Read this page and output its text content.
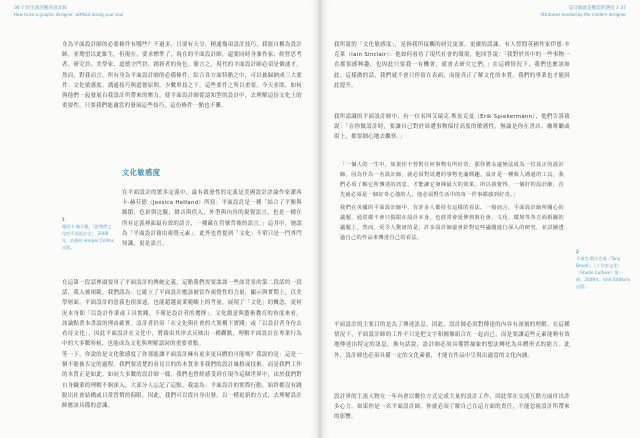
36 / 陌生就該應該設計師
How to be a graphic designer, without losing your soul

身為平面設計師的必要條件有哪些？不過多，只要有天分，精通幾項設計技巧，我能自稱為設計師，並期望以此維生。但現在，要求標準了，現在的平面設計師，還要同時身兼作家、經營思考者、研究員、美學家、道德守門員、創新者的角色。簡言之，現代的平面設計師必須是個通才，然而，對我而言，所有身為平面設計師的必備條件，綜合各方面特點之中，可以被歸納成三大要件：文化敏感度、溝通技巧與道德原則。少數單技之下，這些要件之所以重要，今天並即，如何與他們一起發展自我設計所帶來的壓力，使平面設計師從認知型的設計中，去理解這份文化上的重要性，只要我們能適當的發展這些技巧，這份條件一點也不難。

文化敏感度

在平面設計的繁多定義中，最有啟發性的定義是美國設計評論作家潔西卡‧赫芬德（Jessica Helfand）所寫：平面設計是一種「結合了平衡與細節，色彩與比擬，聲音與伏入，外型與內容的視覺語言，也是一種在所有定義裡面最有效的語言，一種藏在符號背後的語言。」這其中，她認為「平面設計藉由視覺元素」。此外也曾提到「文化」不單只是一門專門知識，更是語言。

1
潔西卡‧赫芬德，〈給我們文化的平面設計史〉，2008 年，收錄於 Harper Collins 出版。

在這第一段話裡頭要用了平面設計的傳統定義，這點我們需要談談一些該背景的第二段話的一段話，我入被規範。我們認為：它確立了平面設計應該被當作視覺性的力量，顯示與實際上，以美學層面，平面設計的意義也很深遠，也能超越商業範疇上的考量，展現了「文化」的概念，更何況本身即「以設計作業或工具實踐，不僅是設計者的選擇」。文化創意與藝術教育的角度來看，該論點著本書說的理由確實。設計者仍須「在文化與社會的大架構下實踐」或「以設計者身份去看待文化」，因此平面設計在文化中，將藉由其形式反映出一種觀點，理解平面設計在專業行為中的大多數時候，也能成為文化與理解認同的重要重點。

等一下，你說的是文化敏感度了你那能讓平面設計擁有更多更具體的可能嗎？我說的是：這是一個不能被否定的過程。我們要清楚的看見目的的本質並非我們的設計風格或技術，而是我們工作的本質正是如此。如同大多數的設計師一樣，我們也曾經感受到在現今這個世界中，由於我們對自身職業的理解不夠深入，大部分人忘記了這點。我認為：平面設計的實際行動，始終都沒有跳脫出社會結構或日常習慣的侷限。因此，我們可以從自身出發，以一種更新的方式，去理解設計師應該具備的意識。

設計師就是應能的態度 / 37
Attributes needed by the modern designer

我所說的「文化敏感度」，是指我所接觸的研究更深，更廣的認識。有人曾問英國作家伊恩‧辛克萊（Iain Sinclair）：他如何看待了現代社會的環境，他回答說：「我對於其中的一些事物一直都很感興趣，也因此只要我一有機會，就會去研究它們。」在這種情況下，我們也應該如此。這樣做的話，我們就不會只停留在表面，而能真正了解文化的本質。我們的專業也才能因此提升。

我所認識的平面設計師中，有一位名叫艾瑞克‧斯皮克曼（Erik Spiekermann），他們告訴我說：「在你做設計時，要讓自己對於周遭事物保持高度的敏感性，無論是你在書店、咖啡廳或街上，都要細心地去觀察。」

「一個人的一生中，如果你不曾對任何事物有所好奇，那你將永遠無法成為一位真正的設計師。因為作為一名設計師，就必須對周遭的事物充滿興趣。設計是一種與人溝通的工具，我們必須了解它所傳達的訊息，才能讓它發揮最大的效果。所以我覺得，一個好的設計師，首先就必須是一個好奇心強的人，他必須對生活中的每一件事都感到好奇。」

我們在英國的平面設計師中，有許多人都持有這樣的看法。一般而言，平面設計師所關心的議題，通常都不會只侷限在設計本身，也經常會延伸到與社會、文化、環境等各方面相關的議題上。然而，更令人驚訝的是，許多設計師還會針對這些議題進行深入的研究，並試圖透過自己的作品來傳達自己的看法。

2
艾瑞克‧斯皮克曼（Tony Brook），〈工作室文化〉（Studio Culture）第一冊，2009年，Unit Editions 出版。

平面設計的主要目的是為了傳達訊息，因此，設計師必須對傳達的內容有深刻的理解。在這種情況下，平面設計師的工作不只是把文字和圖像組合在一起而已，而是要讓這些元素能夠有效地傳達出特定的訊息。換句話說，設計師必須具備將抽象的想法轉化為具體形式的能力。此外，設計師也必須具備一定的文化素養，才能在作品中呈現出適當的文化內涵。

設計界的主流人物在一年內會以數位方式完成大量的設計工作，因此常在交流互動方面付出許多心力。如果你是一名平面設計師，你就必須了解自己在這方面的責任，不能忽視設計所帶來的影響。
